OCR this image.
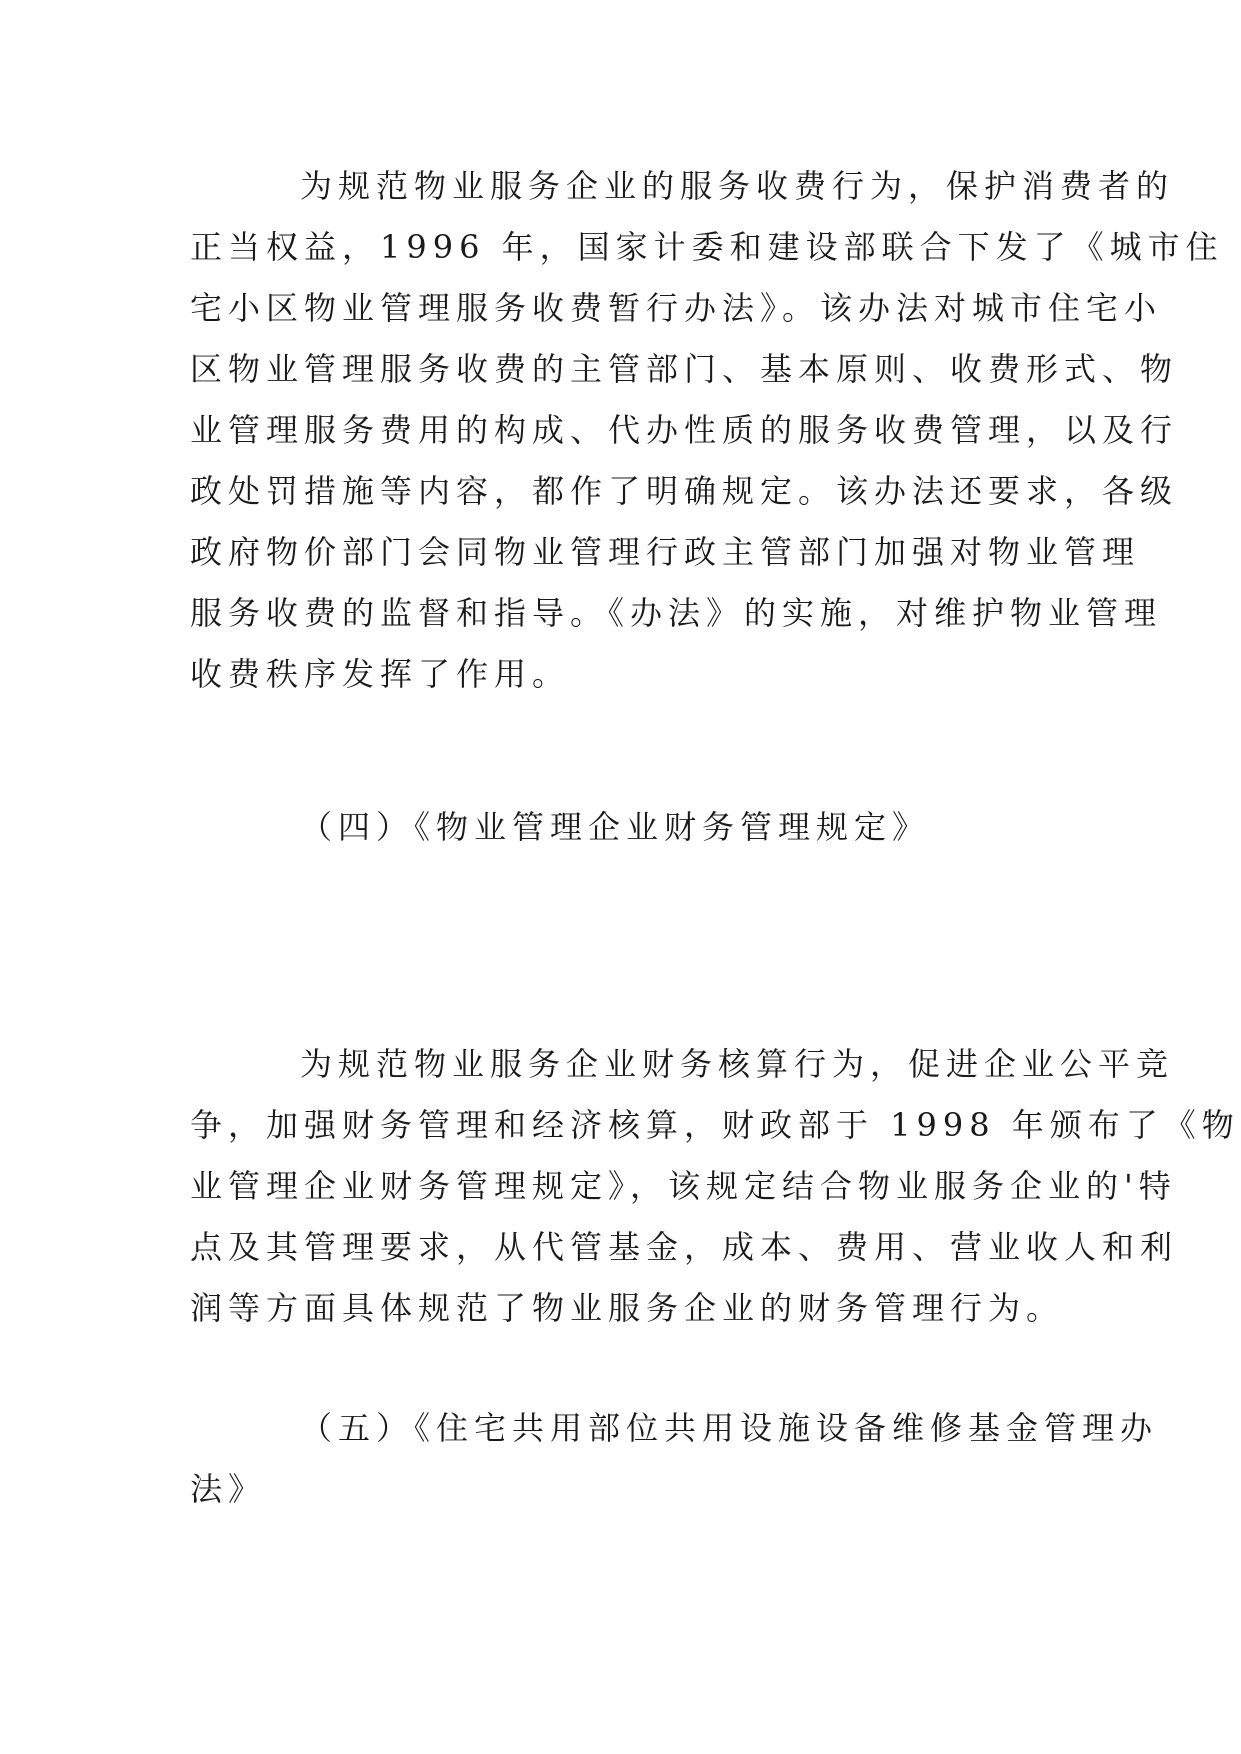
为规范物业服务企业的服务收费行为，保护消费者的
正当权益，1996 年，国家计委和建设部联合下发了《城市住
宅小区物业管理服务收费暂行办法》。该办法对城市住宅小
区物业管理服务收费的主管部门、基本原则、收费形式、物
业管理服务费用的构成、代办性质的服务收费管理，以及行
政处罚措施等内容，都作了明确规定。该办法还要求，各级
政府物价部门会同物业管理行政主管部门加强对物业管理
服务收费的监督和指导。《办法》的实施，对维护物业管理
收费秩序发挥了作用。
（四）《物业管理企业财务管理规定》
为规范物业服务企业财务核算行为，促进企业公平竞
争，加强财务管理和经济核算，财政部于 1998 年颁布了《物
业管理企业财务管理规定》，该规定结合物业服务企业的'特
点及其管理要求，从代管基金，成本、费用、营业收人和利
润等方面具体规范了物业服务企业的财务管理行为。
（五）《住宅共用部位共用设施设备维修基金管理办
法》
